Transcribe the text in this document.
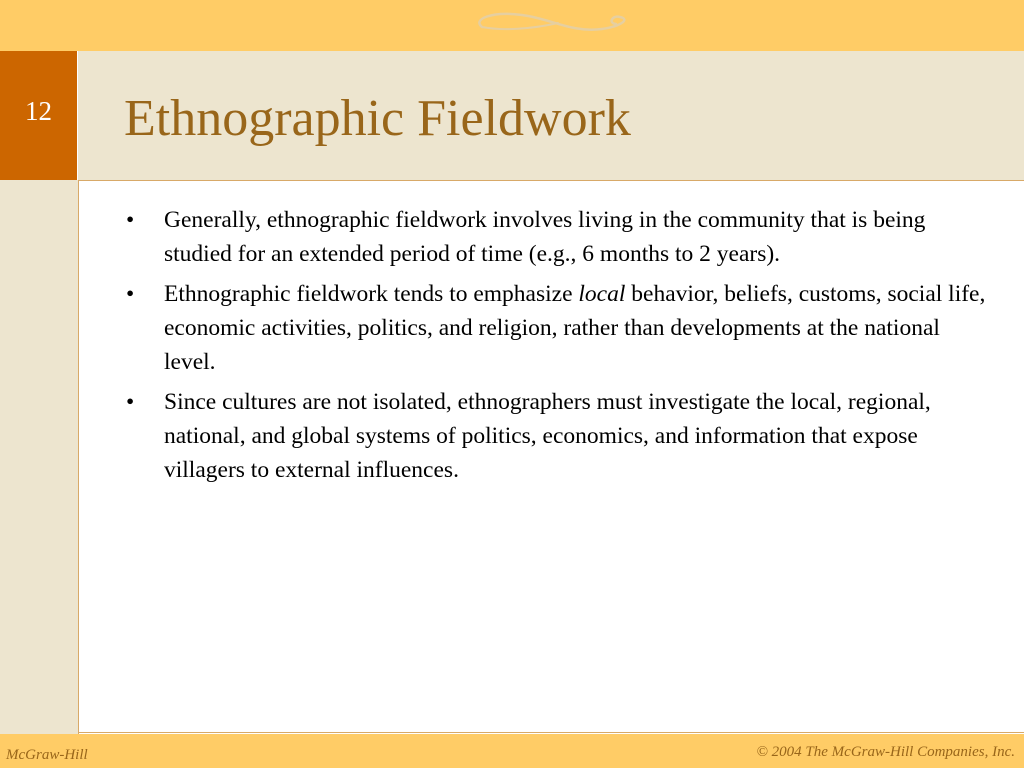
12	Ethnographic Fieldwork
•	Generally, ethnographic fieldwork involves living in the community that is being studied for an extended period of time (e.g., 6 months to 2 years).
•	Ethnographic fieldwork tends to emphasize local behavior, beliefs, customs, social life, economic activities, politics, and religion, rather than developments at the national level.
•	Since cultures are not isolated, ethnographers must investigate the local, regional, national, and global systems of politics, economics, and information that expose villagers to external influences.
McGraw-Hill	© 2004 The McGraw-Hill Companies, Inc.
